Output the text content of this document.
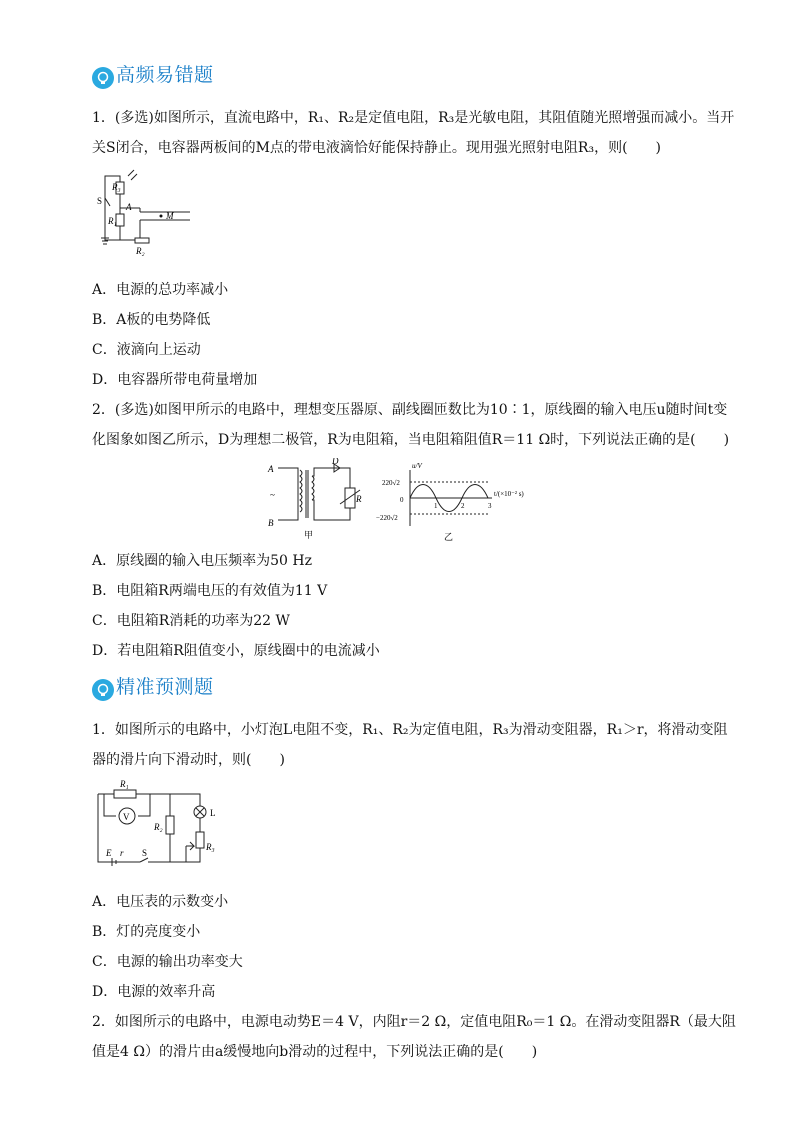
高频易错题
1．(多选)如图所示，直流电路中，R₁、R₂是定值电阻，R₃是光敏电阻，其阻值随光照增强而减小。当开
关S闭合，电容器两板间的M点的带电液滴恰好能保持静止。现用强光照射电阻R₃，则(　　)
R₃
S
A
R₁	M
R₂
A．电源的总功率减小
B．A板的电势降低
C．液滴向上运动
D．电容器所带电荷量增加
2．(多选)如图甲所示的电路中，理想变压器原、副线圈匝数比为10∶1，原线圈的输入电压u随时间t变
化图象如图乙所示，D为理想二极管，R为电阻箱，当电阻箱阻值R＝11 Ω时，下列说法正确的是(　　)
A
~
B
D
R
甲	乙
u/V
t/(×10⁻² s)
220√2
0
−220√2
1	2	3
A．原线圈的输入电压频率为50 Hz
B．电阻箱R两端电压的有效值为11 V
C．电阻箱R消耗的功率为22 W
D．若电阻箱R阻值变小，原线圈中的电流减小
精准预测题
1．如图所示的电路中，小灯泡L电阻不变，R₁、R₂为定值电阻，R₃为滑动变阻器，R₁＞r，将滑动变阻
器的滑片向下滑动时，则(　　)
R₁
V	L
R₂
R₃
E r S
A．电压表的示数变小
B．灯的亮度变小
C．电源的输出功率变大
D．电源的效率升高
2．如图所示的电路中，电源电动势E＝4 V，内阻r＝2 Ω，定值电阻R₀＝1 Ω。在滑动变阻器R（最大阻
值是4 Ω）的滑片由a缓慢地向b滑动的过程中，下列说法正确的是(　　)
